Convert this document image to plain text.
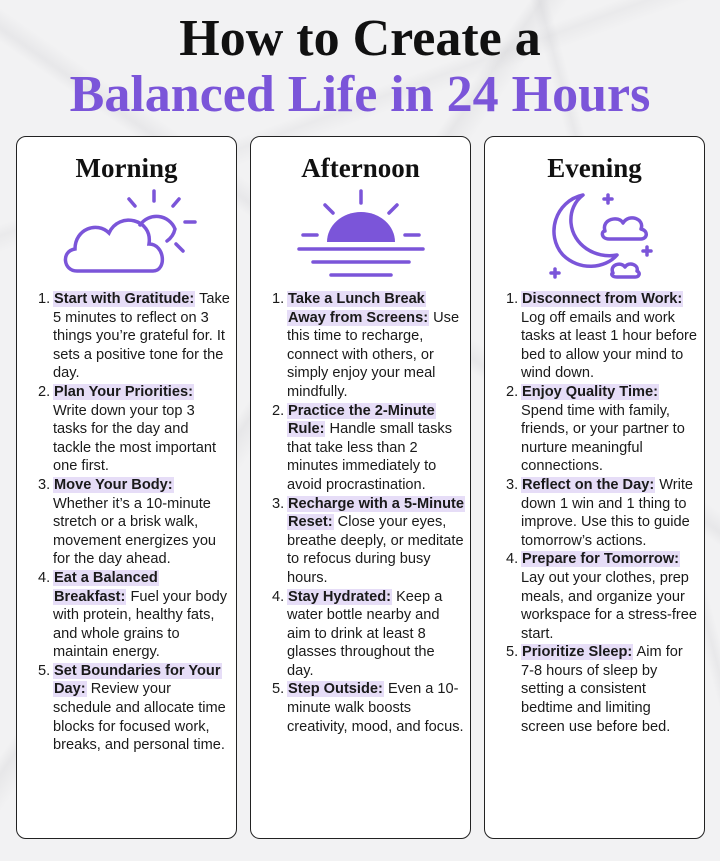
How to Create a
Balanced Life in 24 Hours
Morning
1. Start with Gratitude: Take 5 minutes to reflect on 3 things you’re grateful for. It sets a positive tone for the day.
2. Plan Your Priorities: Write down your top 3 tasks for the day and tackle the most important one first.
3. Move Your Body: Whether it’s a 10-minute stretch or a brisk walk, movement energizes you for the day ahead.
4. Eat a Balanced Breakfast: Fuel your body with protein, healthy fats, and whole grains to maintain energy.
5. Set Boundaries for Your Day: Review your schedule and allocate time blocks for focused work, breaks, and personal time.
Afternoon
1. Take a Lunch Break Away from Screens: Use this time to recharge, connect with others, or simply enjoy your meal mindfully.
2. Practice the 2-Minute Rule: Handle small tasks that take less than 2 minutes immediately to avoid procrastination.
3. Recharge with a 5-Minute Reset: Close your eyes, breathe deeply, or meditate to refocus during busy hours.
4. Stay Hydrated: Keep a water bottle nearby and aim to drink at least 8 glasses throughout the day.
5. Step Outside: Even a 10-minute walk boosts creativity, mood, and focus.
Evening
1. Disconnect from Work: Log off emails and work tasks at least 1 hour before bed to allow your mind to wind down.
2. Enjoy Quality Time: Spend time with family, friends, or your partner to nurture meaningful connections.
3. Reflect on the Day: Write down 1 win and 1 thing to improve. Use this to guide tomorrow’s actions.
4. Prepare for Tomorrow: Lay out your clothes, prep meals, and organize your workspace for a stress-free start.
5. Prioritize Sleep: Aim for 7-8 hours of sleep by setting a consistent bedtime and limiting screen use before bed.
